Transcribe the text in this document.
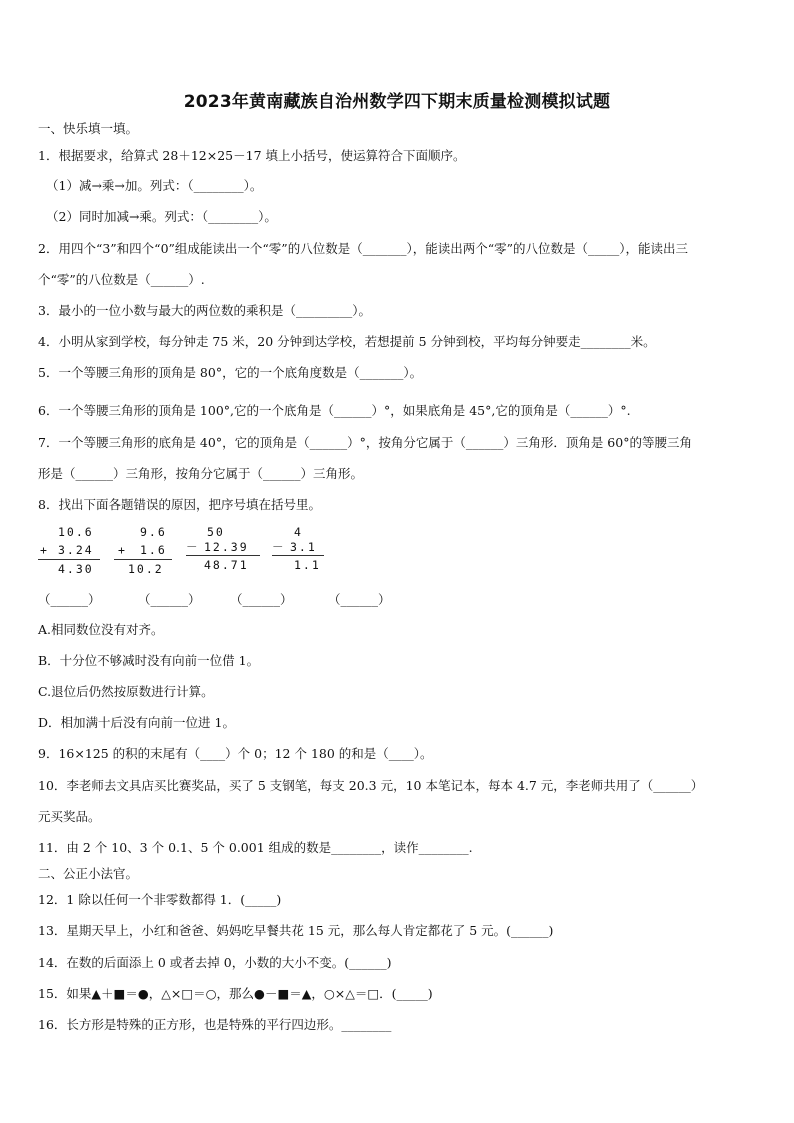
2023年黄南藏族自治州数学四下期末质量检测模拟试题
一、快乐填一填。
1．根据要求，给算式 28＋12×25－17 填上小括号，使运算符合下面顺序。
（1）减→乘→加。列式：（________）。
（2）同时加减→乘。列式：（________）。
2．用四个“3”和四个“0”组成能读出一个“零”的八位数是（_______），能读出两个“零”的八位数是（_____），能读出三
个“零”的八位数是（______）.
3．最小的一位小数与最大的两位数的乘积是（_________）。
4．小明从家到学校，每分钟走 75 米，20 分钟到达学校，若想提前 5 分钟到校，平均每分钟要走________米。
5．一个等腰三角形的顶角是 80°，它的一个底角度数是（_______）。
6．一个等腰三角形的顶角是 100°,它的一个底角是（______）°，如果底角是 45°,它的顶角是（______）°.
7．一个等腰三角形的底角是 40°，它的顶角是（______）°，按角分它属于（______）三角形．顶角是 60°的等腰三角
形是（______）三角形，按角分它属于（______）三角形。
8．找出下面各题错误的原因，把序号填在括号里。
10.6
+ 3.24
4.30
9.6
+ 1.6
10.2
50
－ 12.39
48.71
4
－ 3.1
1.1
（______）	（______） （______）	（______）
A.相同数位没有对齐。
B．十分位不够减时没有向前一位借 1。
C.退位后仍然按原数进行计算。
D．相加满十后没有向前一位进 1。
9．16×125 的积的末尾有（____）个 0；12 个 180 的和是（____）。
10．李老师去文具店买比赛奖品，买了 5 支钢笔，每支 20.3 元，10 本笔记本，每本 4.7 元，李老师共用了（______）
元买奖品。
11．由 2 个 10、3 个 0.1、5 个 0.001 组成的数是________，读作________.
二、公正小法官。
12．1 除以任何一个非零数都得 1．(_____)
13．星期天早上，小红和爸爸、妈妈吃早餐共花 15 元，那么每人肯定都花了 5 元。(______)
14．在数的后面添上 0 或者去掉 0，小数的大小不变。(______)
15．如果▲＋■＝●，△×□＝○，那么●－■＝▲，○×△＝□．(_____)
16．长方形是特殊的正方形，也是特殊的平行四边形。________
